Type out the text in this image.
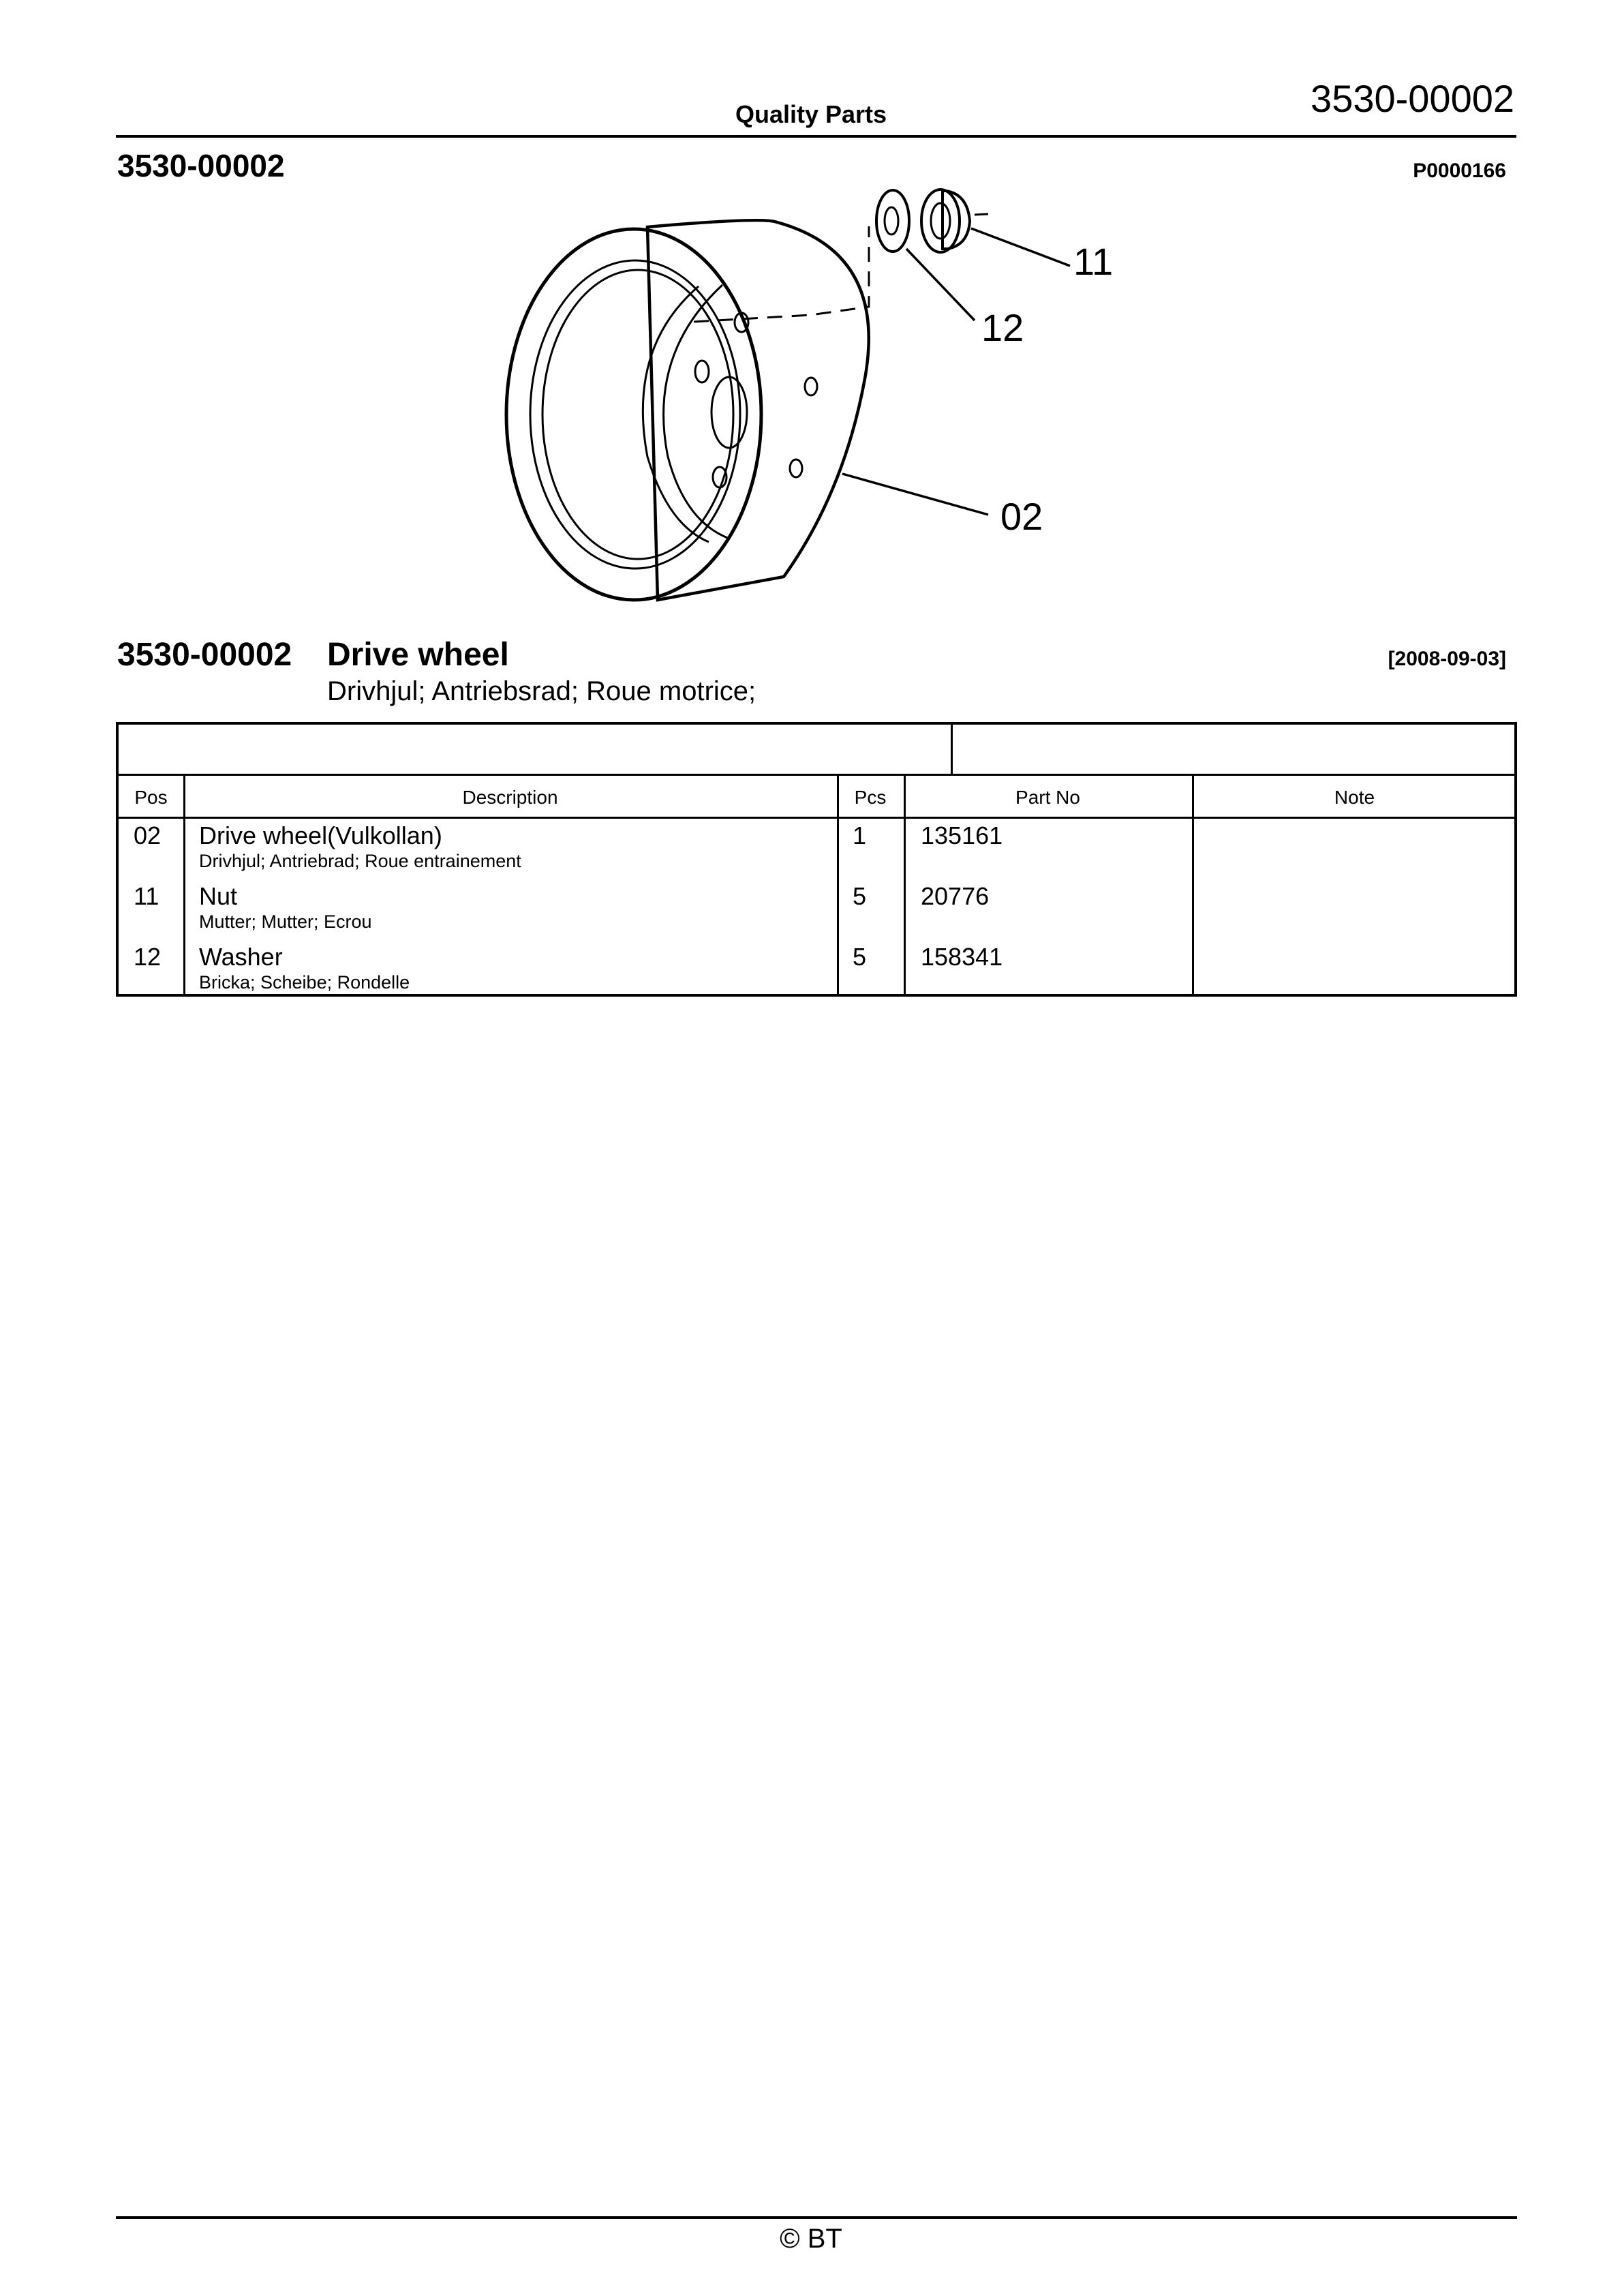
Quality Parts	3530-00002
3530-00002	P0000166
11
12
02
3530-00002 Drive wheel	[2008-09-03]
Drivhjul; Antriebsrad; Roue motrice;
Pos	Description	Pcs	Part No	Note
02 Drive wheel(Vulkollan)
Drivhjul; Antriebrad; Roue entrainement
1 135161
11 Nut
Mutter; Mutter; Ecrou
5 20776
12 Washer
Bricka; Scheibe; Rondelle
5 158341
© BT
